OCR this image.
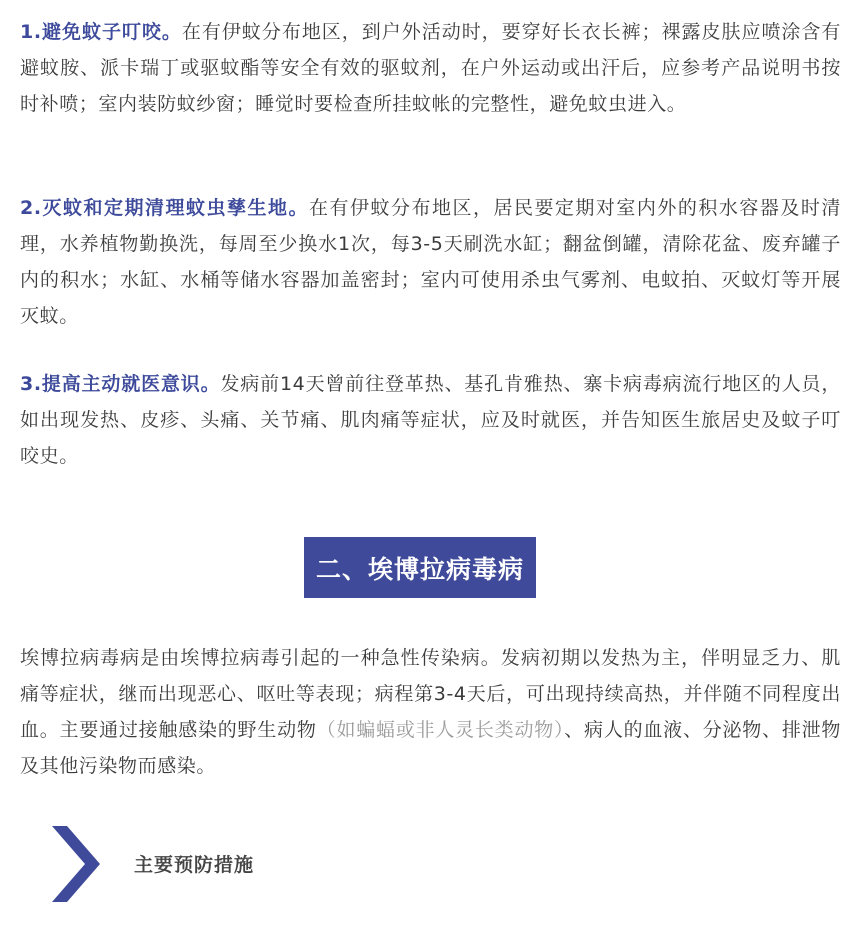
1.避免蚊子叮咬。在有伊蚊分布地区，到户外活动时，要穿好长衣长裤；裸露皮肤应喷涂含有避蚊胺、派卡瑞丁或驱蚊酯等安全有效的驱蚊剂，在户外运动或出汗后，应参考产品说明书按时补喷；室内装防蚊纱窗；睡觉时要检查所挂蚊帐的完整性，避免蚊虫进入。

2.灭蚊和定期清理蚊虫孳生地。在有伊蚊分布地区，居民要定期对室内外的积水容器及时清理，水养植物勤换洗，每周至少换水1次，每3-5天刷洗水缸；翻盆倒罐，清除花盆、废弃罐子内的积水；水缸、水桶等储水容器加盖密封；室内可使用杀虫气雾剂、电蚊拍、灭蚊灯等开展灭蚊。

3.提高主动就医意识。发病前14天曾前往登革热、基孔肯雅热、寨卡病毒病流行地区的人员，如出现发热、皮疹、头痛、关节痛、肌肉痛等症状，应及时就医，并告知医生旅居史及蚊子叮咬史。

二、埃博拉病毒病

埃博拉病毒病是由埃博拉病毒引起的一种急性传染病。发病初期以发热为主，伴明显乏力、肌痛等症状，继而出现恶心、呕吐等表现；病程第3-4天后，可出现持续高热，并伴随不同程度出血。主要通过接触感染的野生动物（如蝙蝠或非人灵长类动物）、病人的血液、分泌物、排泄物及其他污染物而感染。

主要预防措施
